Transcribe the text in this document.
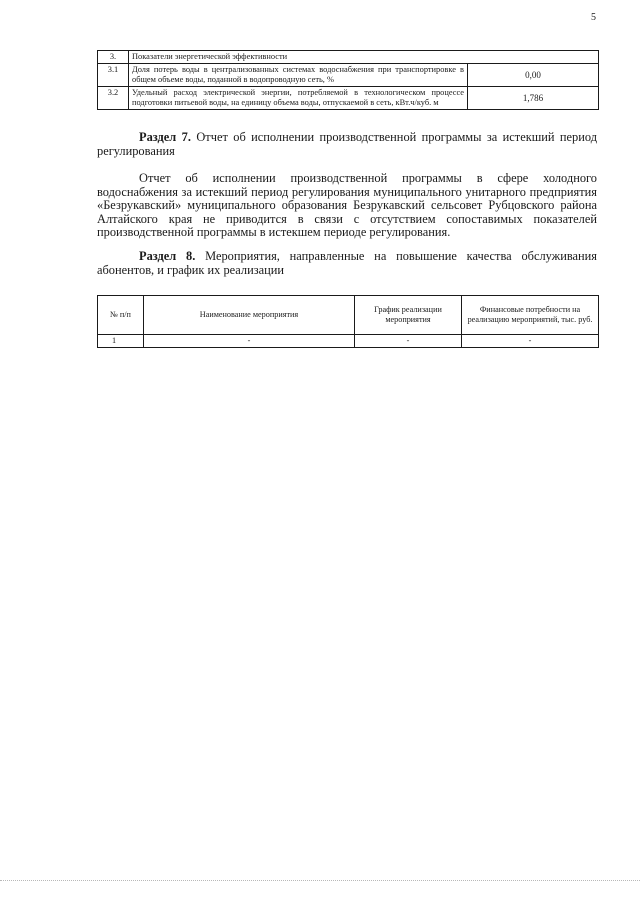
5
3.	Показатели энергетической эффективности	
3.1	Доля потерь воды в централизованных системах водоснабжения при транспортировке в общем объеме воды, поданной в водопроводную сеть, %	0,00
3.2	Удельный расход электрической энергии, потребляемой в технологическом процессе подготовки питьевой воды, на единицу объема воды, отпускаемой в сеть, кВт.ч/куб. м	1,786

Раздел 7. Отчет об исполнении производственной программы за истекший период регулирования

Отчет об исполнении производственной программы в сфере холодного водоснабжения за истекший период регулирования муниципального унитарного предприятия «Безрукавский» муниципального образования Безрукавский сельсовет Рубцовского района Алтайского края не приводится в связи с отсутствием сопоставимых показателей производственной программы в истекшем периоде регулирования.

Раздел 8. Мероприятия, направленные на повышение качества обслуживания абонентов, и график их реализации

№ п/п	Наименование мероприятия	График реализации мероприятия	Финансовые потребности на реализацию мероприятий, тыс. руб.
1	-	-	-
